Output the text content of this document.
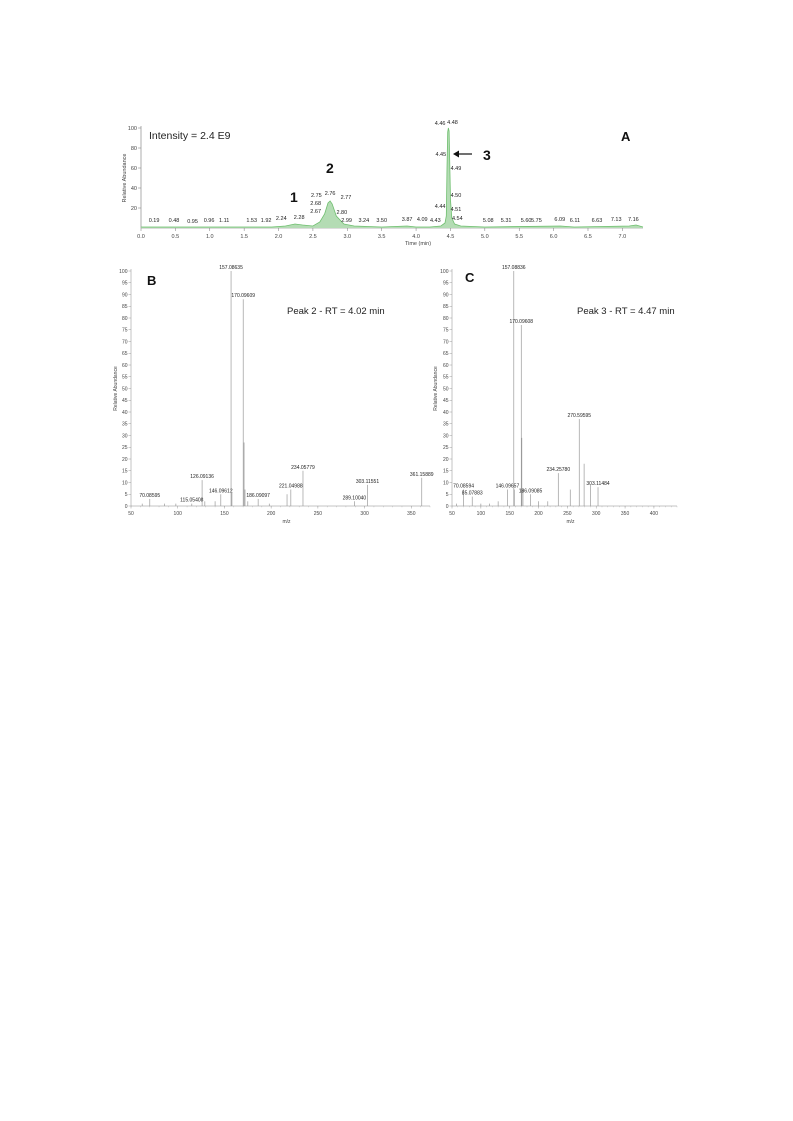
20
40
60
80
100
0.0	0.5	1.0	1.5	2.0	2.5	3.0	3.5	4.0	4.5	5.0	5.5	6.0	6.5	7.0
Time (min)
Relative Abundance
0.19 0.48 0.95 0.96 1.11	1.53 1.92 2.24 2.28
2.75 2.76
2.77
2.68
2.67	2.80
2.99 3.24 3.50	3.87 4.09 4.43
4.44
4.46 4.48
4.45
4.49
4.50
4.51
4.54	5.08 5.31 5.60 5.75 6.09 6.11 6.63 7.13 7.16
Intensity = 2.4 E9	A
1
2
3
0
5
10
15
20
25
30
35
40
45
50
55
60
65
70
75
80
85
90
95
100
50	100	150	200	250	300	350
m/z
Relative Abundance
70.08595
115.05408
126.09136
146.09612
157.08635
170.09609
186.09097
221.04988
234.05779
289.10040
303.11551
361.15889
B
Peak 2 - RT = 4.02 min
0
5
10
15
20
25
30
35
40
45
50
55
60
65
70
75
80
85
90
95
100
50	100	150	200	250	300	350	400
m/z
Relative Abundance
70.08594
85.07883
146.09657
157.08836
170.09608
186.09085
234.25780
270.59595
303.11484
C
Peak 3 - RT = 4.47 min
